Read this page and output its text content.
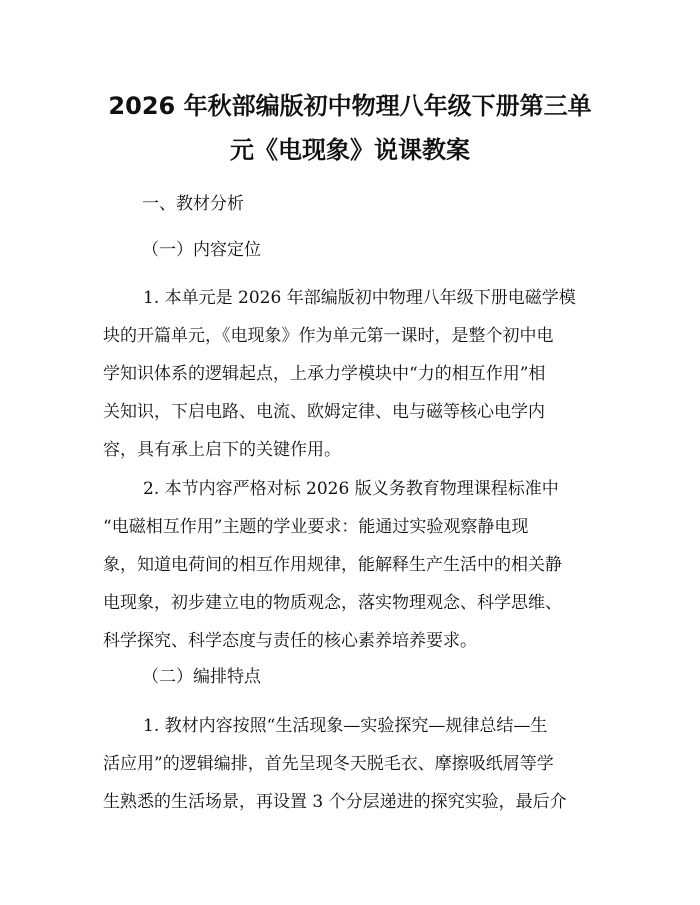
2026 年秋部编版初中物理八年级下册第三单
元《电现象》说课教案
一、教材分析
（一）内容定位
1. 本单元是 2026 年部编版初中物理八年级下册电磁学模
块的开篇单元，《电现象》作为单元第一课时，是整个初中电
学知识体系的逻辑起点，上承力学模块中“力的相互作用”相
关知识，下启电路、电流、欧姆定律、电与磁等核心电学内
容，具有承上启下的关键作用。
2. 本节内容严格对标 2026 版义务教育物理课程标准中
“电磁相互作用”主题的学业要求：能通过实验观察静电现
象，知道电荷间的相互作用规律，能解释生产生活中的相关静
电现象，初步建立电的物质观念，落实物理观念、科学思维、
科学探究、科学态度与责任的核心素养培养要求。
（二）编排特点
1. 教材内容按照“生活现象—实验探究—规律总结—生
活应用”的逻辑编排，首先呈现冬天脱毛衣、摩擦吸纸屑等学
生熟悉的生活场景，再设置 3 个分层递进的探究实验，最后介
